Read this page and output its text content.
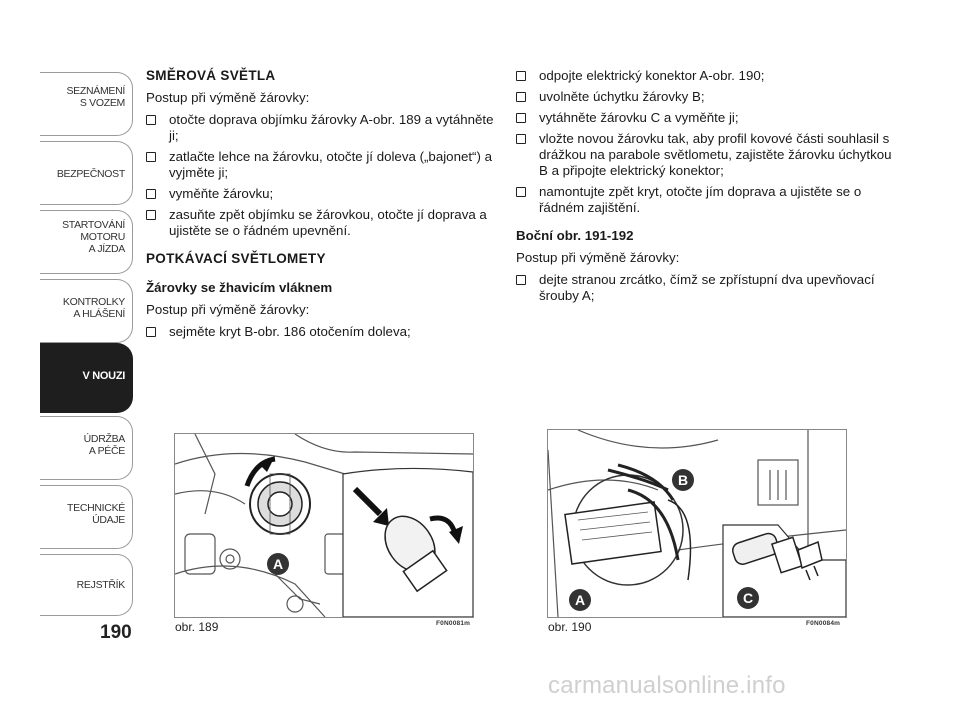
SEZNÁMENÍ
S VOZEM
BEZPEČNOST
STARTOVÁNÍ
MOTORU
A JÍZDA
KONTROLKY
A HLÁŠENÍ
V NOUZI
ÚDRŽBA
A PÉČE
TECHNICKÉ
ÚDAJE
REJSTŘÍK
190
SMĚROVÁ SVĚTLA
Postup při výměně žárovky:
otočte doprava objímku žárovky A-obr. 189 a vytáhněte ji;
zatlačte lehce na žárovku, otočte jí doleva („bajonet“) a vyjměte ji;
vyměňte žárovku;
zasuňte zpět objímku se žárovkou, otočte jí doprava a ujistěte se o řádném upevnění.
POTKÁVACÍ SVĚTLOMETY
Žárovky se žhavicím vláknem
Postup při výměně žárovky:
sejměte kryt B-obr. 186 otočením doleva;
odpojte elektrický konektor A-obr. 190;
uvolněte úchytku žárovky B;
vytáhněte žárovku C a vyměňte ji;
vložte novou žárovku tak, aby profil kovové části souhlasil s drážkou na parabole světlometu, zajistěte žárovku úchytkou B a připojte elektrický konektor;
namontujte zpět kryt, otočte jím doprava a ujistěte se o řádném zajištění.
Boční obr. 191-192
Postup při výměně žárovky:
dejte stranou zrcátko, čímž se zpřístupní dva upevňovací šrouby A;
A
obr. 189	F0N0081m
B
A	C
obr. 190	F0N0084m
carmanualsonline.info
